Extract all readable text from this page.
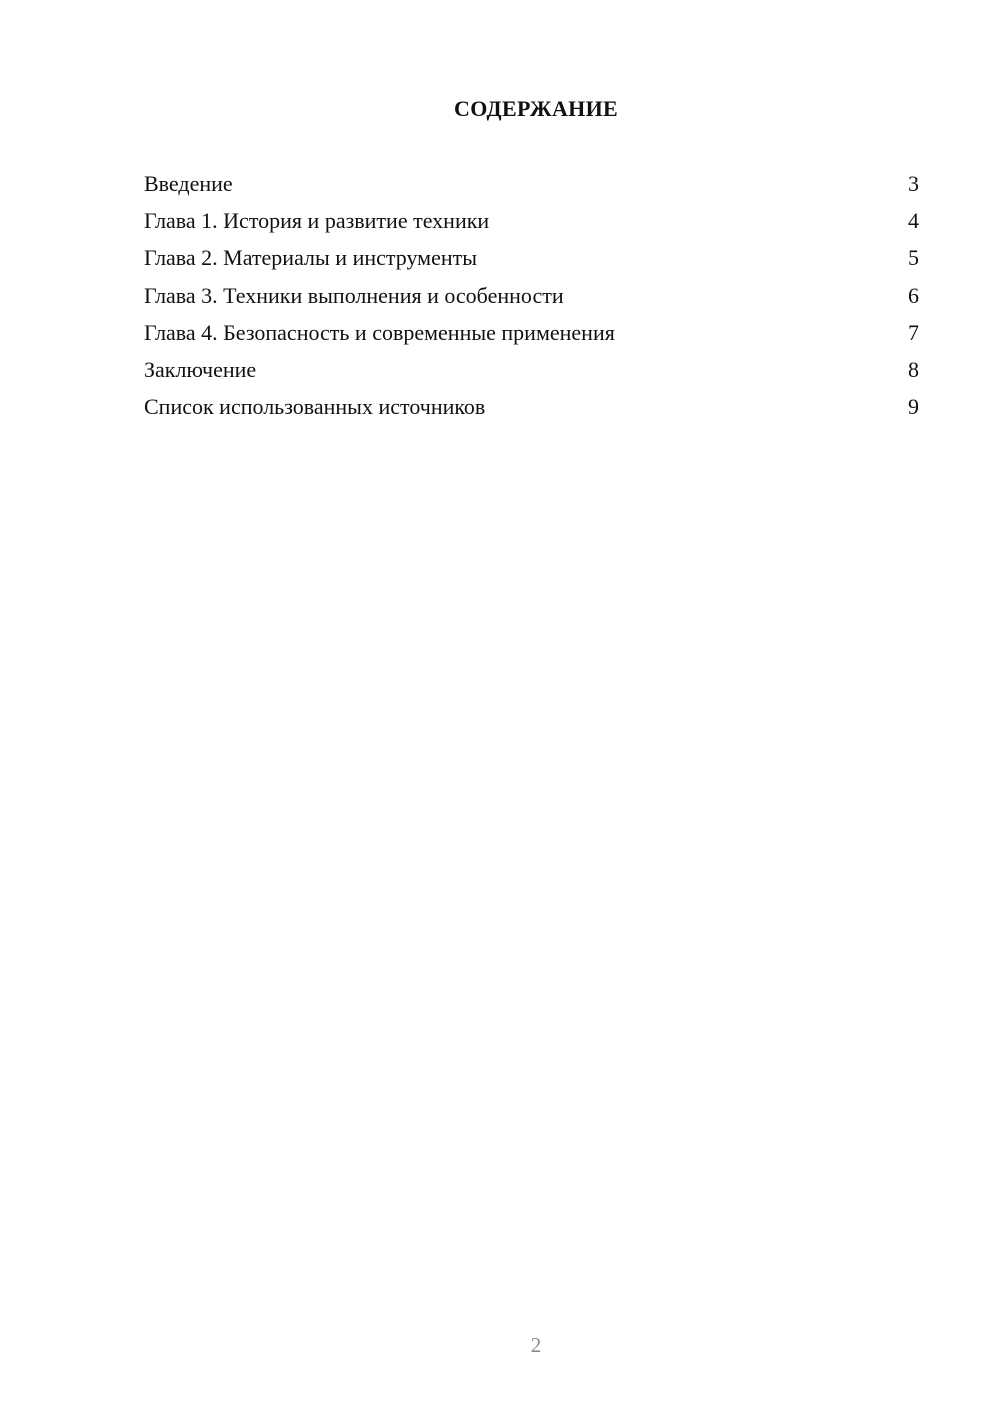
СОДЕРЖАНИЕ
Введение	3
Глава 1. История и развитие техники	4
Глава 2. Материалы и инструменты	5
Глава 3. Техники выполнения и особенности	6
Глава 4. Безопасность и современные применения	7
Заключение	8
Список использованных источников	9
2
